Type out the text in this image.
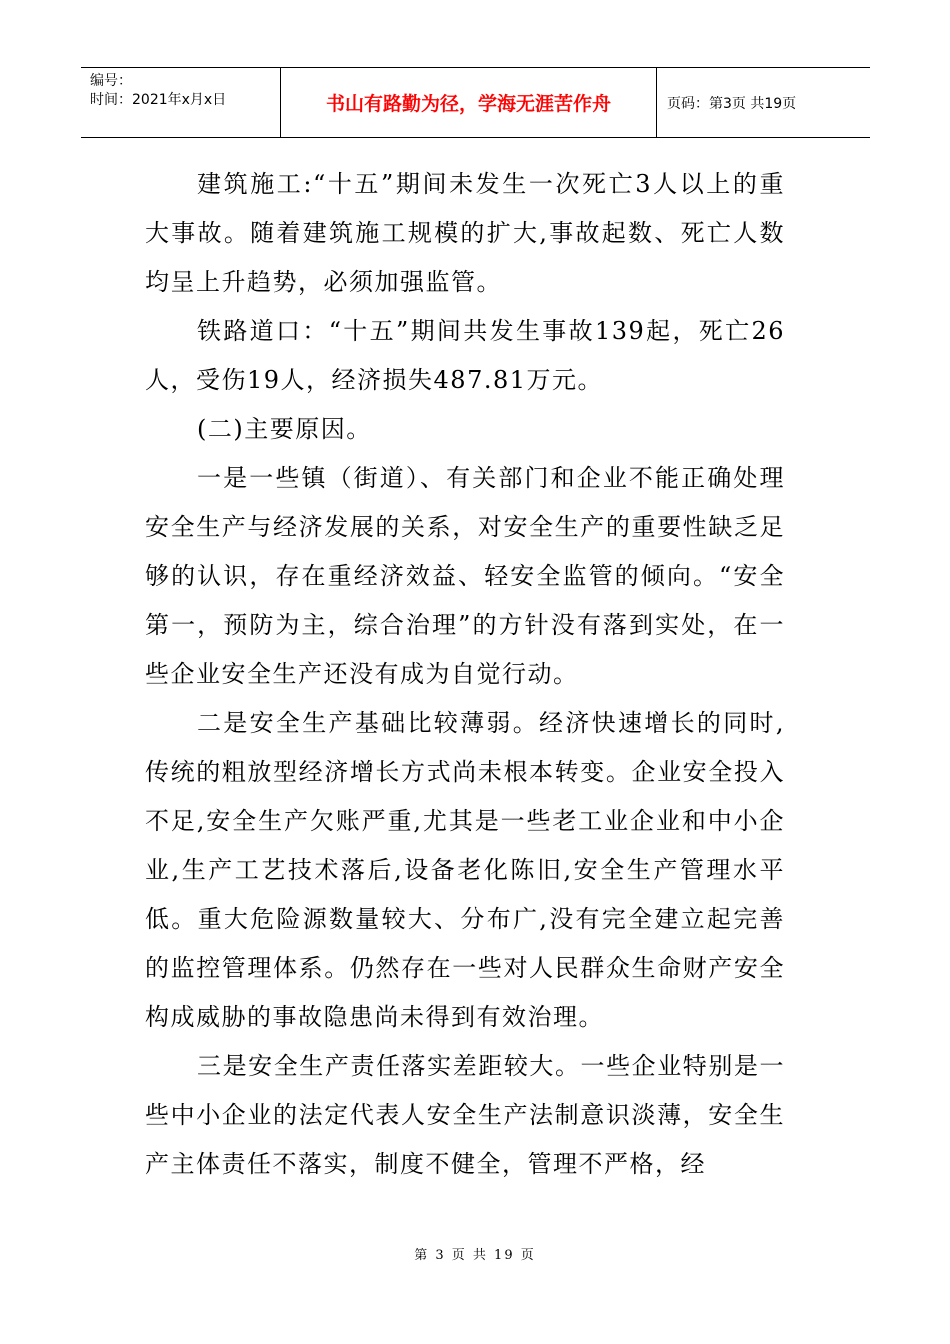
编号：
时间：2021年x月x日	书山有路勤为径，学海无涯苦作舟	页码：第3页 共19页

建筑施工:“十五”期间未发生一次死亡3人以上的重大事故。随着建筑施工规模的扩大,事故起数、死亡人数均呈上升趋势，必须加强监管。

铁路道口：“十五”期间共发生事故139起，死亡26人，受伤19人，经济损失487.81万元。

(二)主要原因。

一是一些镇（街道）、有关部门和企业不能正确处理安全生产与经济发展的关系，对安全生产的重要性缺乏足够的认识，存在重经济效益、轻安全监管的倾向。“安全第一，预防为主，综合治理”的方针没有落到实处，在一些企业安全生产还没有成为自觉行动。

二是安全生产基础比较薄弱。经济快速增长的同时,传统的粗放型经济增长方式尚未根本转变。企业安全投入不足,安全生产欠账严重,尤其是一些老工业企业和中小企业,生产工艺技术落后,设备老化陈旧,安全生产管理水平低。重大危险源数量较大、分布广,没有完全建立起完善的监控管理体系。仍然存在一些对人民群众生命财产安全构成威胁的事故隐患尚未得到有效治理。

三是安全生产责任落实差距较大。一些企业特别是一些中小企业的法定代表人安全生产法制意识淡薄，安全生产主体责任不落实，制度不健全，管理不严格，经

第 3 页 共 19 页
